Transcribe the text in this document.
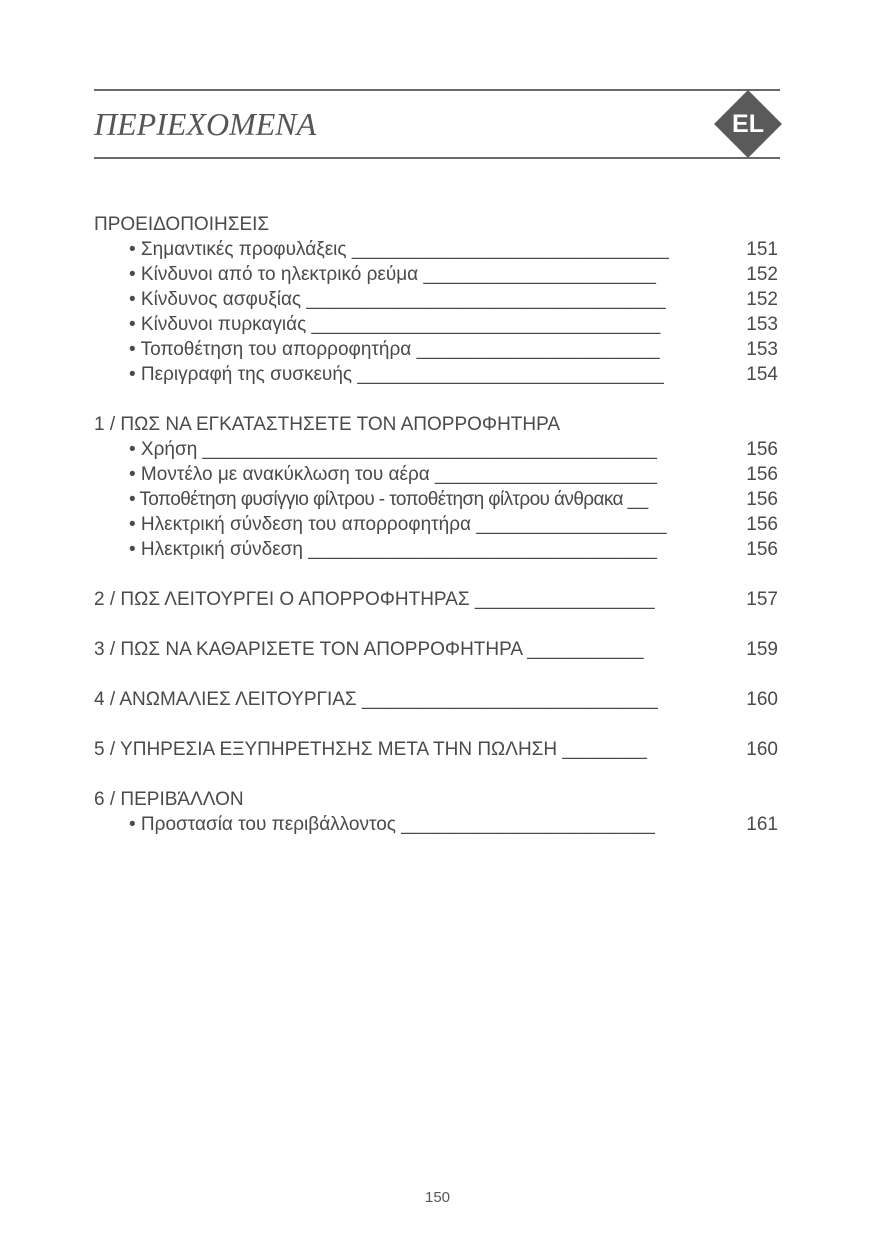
ΠΕΡΙΕΧΟΜΕΝΑ	EL
ΠΡΟΕΙΔΟΠΟΙΗΣΕΙΣ
• Σημαντικές προφυλάξεις ______________________________	151
• Κίνδυνοι από το ηλεκτρικό ρεύμα ______________________	152
• Κίνδυνος ασφυξίας __________________________________	152
• Κίνδυνοι πυρκαγιάς _________________________________	153
• Τοποθέτηση του απορροφητήρα _______________________	153
• Περιγραφή της συσκευής _____________________________	154
1 / ΠΩΣ ΝΑ ΕΓΚΑΤΑΣΤΗΣΕΤΕ ΤΟΝ ΑΠΟΡΡΟΦΗΤΗΡΑ
• Χρήση ___________________________________________	156
• Μοντέλο με ανακύκλωση του αέρα _____________________	156
• Τοποθέτηση φυσίγγιο φίλτρου - τοποθέτηση φίλτρου άνθρακα __	156
• Ηλεκτρική σύνδεση του απορροφητήρα __________________	156
• Ηλεκτρική σύνδεση _________________________________	156
2 / ΠΩΣ ΛΕΙΤΟΥΡΓΕΙ Ο ΑΠΟΡΡΟΦΗΤΗΡΑΣ _________________	157
3 / ΠΩΣ ΝΑ ΚΑΘΑΡΙΣΕΤΕ ΤΟΝ ΑΠΟΡΡΟΦΗΤΗΡΑ ___________	159
4 / ΑΝΩΜΑΛΙΕΣ ΛΕΙΤΟΥΡΓΙΑΣ ____________________________	160
5 / ΥΠΗΡΕΣΙΑ ΕΞΥΠΗΡΕΤΗΣΗΣ ΜΕΤΑ ΤΗΝ ΠΩΛΗΣΗ ________	160
6 / ΠΕΡΙΒΆΛΛΟΝ
• Προστασία του περιβάλλοντος ________________________	161
150
